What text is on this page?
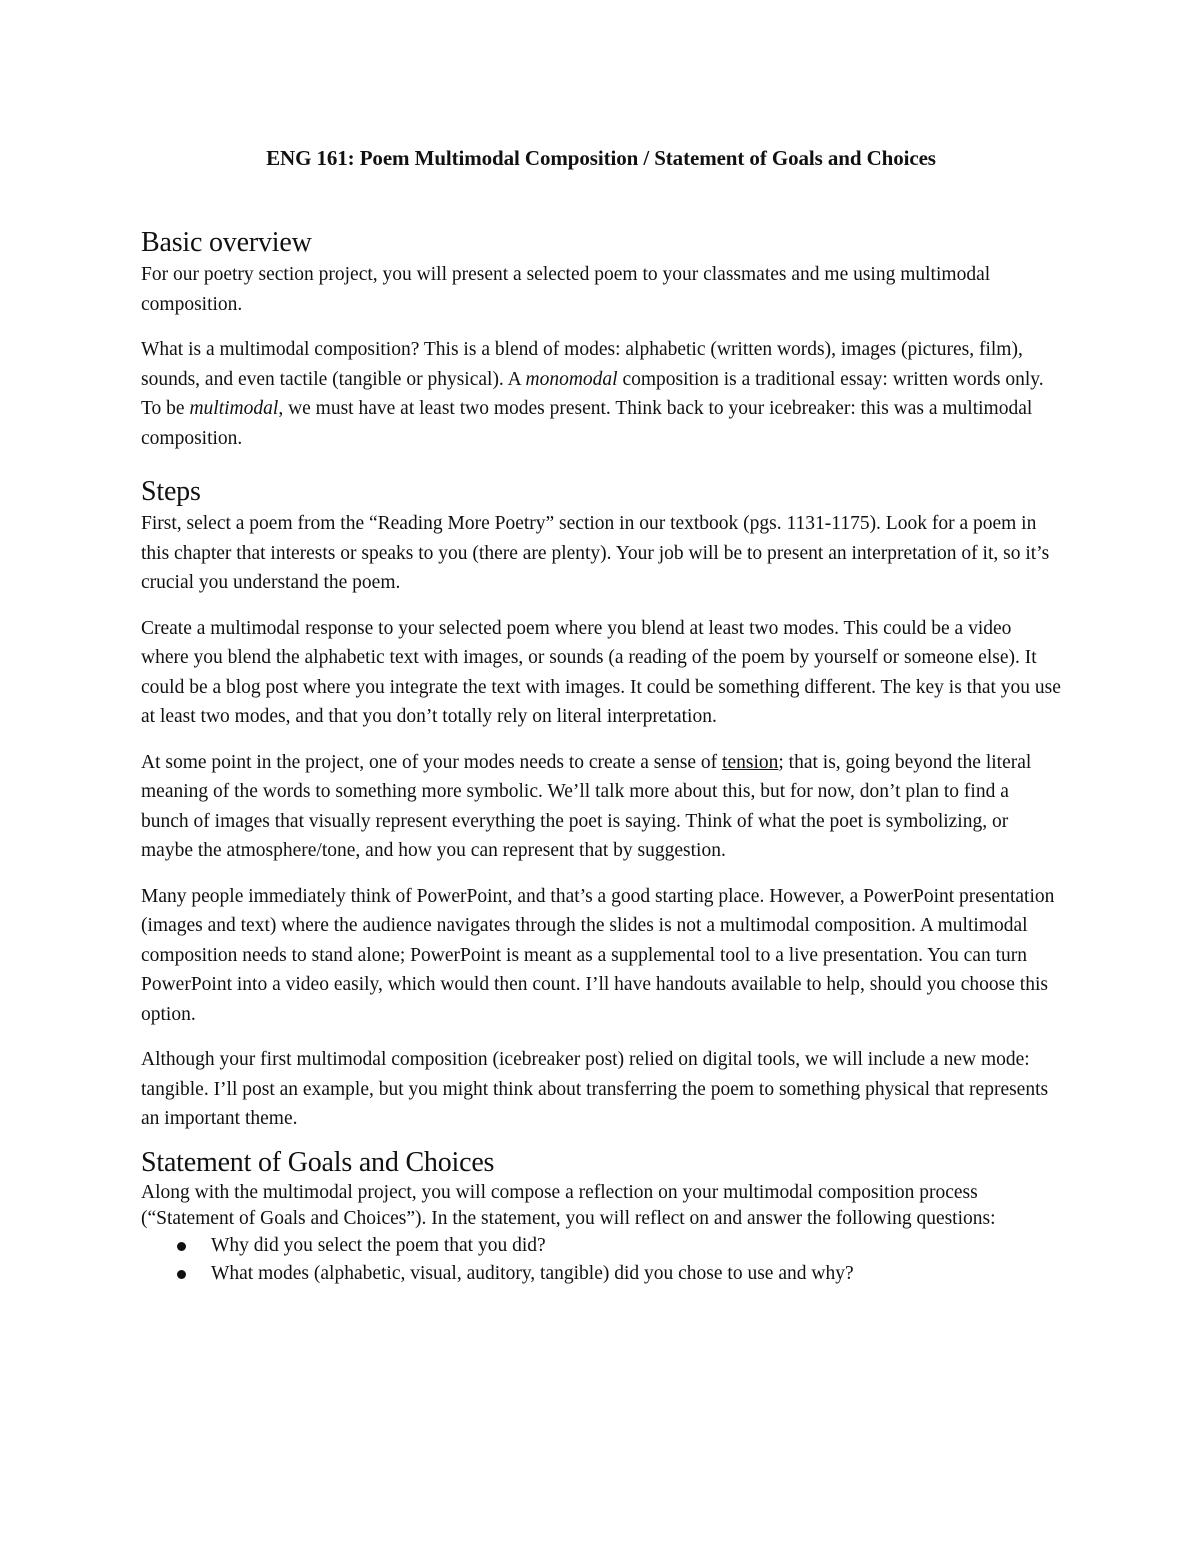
ENG 161: Poem Multimodal Composition / Statement of Goals and Choices
Basic overview

For our poetry section project, you will present a selected poem to your classmates and me using multimodal composition.

What is a multimodal composition? This is a blend of modes: alphabetic (written words), images (pictures, film), sounds, and even tactile (tangible or physical). A monomodal composition is a traditional essay: written words only. To be multimodal, we must have at least two modes present. Think back to your icebreaker: this was a multimodal composition.

Steps

First, select a poem from the “Reading More Poetry” section in our textbook (pgs. 1131-1175). Look for a poem in this chapter that interests or speaks to you (there are plenty). Your job will be to present an interpretation of it, so it’s crucial you understand the poem.

Create a multimodal response to your selected poem where you blend at least two modes. This could be a video where you blend the alphabetic text with images, or sounds (a reading of the poem by yourself or someone else). It could be a blog post where you integrate the text with images. It could be something different. The key is that you use at least two modes, and that you don’t totally rely on literal interpretation.

At some point in the project, one of your modes needs to create a sense of tension; that is, going beyond the literal meaning of the words to something more symbolic. We’ll talk more about this, but for now, don’t plan to find a bunch of images that visually represent everything the poet is saying. Think of what the poet is symbolizing, or maybe the atmosphere/tone, and how you can represent that by suggestion.

Many people immediately think of PowerPoint, and that’s a good starting place. However, a PowerPoint presentation (images and text) where the audience navigates through the slides is not a multimodal composition. A multimodal composition needs to stand alone; PowerPoint is meant as a supplemental tool to a live presentation. You can turn PowerPoint into a video easily, which would then count. I’ll have handouts available to help, should you choose this option.

Although your first multimodal composition (icebreaker post) relied on digital tools, we will include a new mode: tangible. I’ll post an example, but you might think about transferring the poem to something physical that represents an important theme.

Statement of Goals and Choices

Along with the multimodal project, you will compose a reflection on your multimodal composition process (“Statement of Goals and Choices”). In the statement, you will reflect on and answer the following questions:

Why did you select the poem that you did?
What modes (alphabetic, visual, auditory, tangible) did you chose to use and why?
